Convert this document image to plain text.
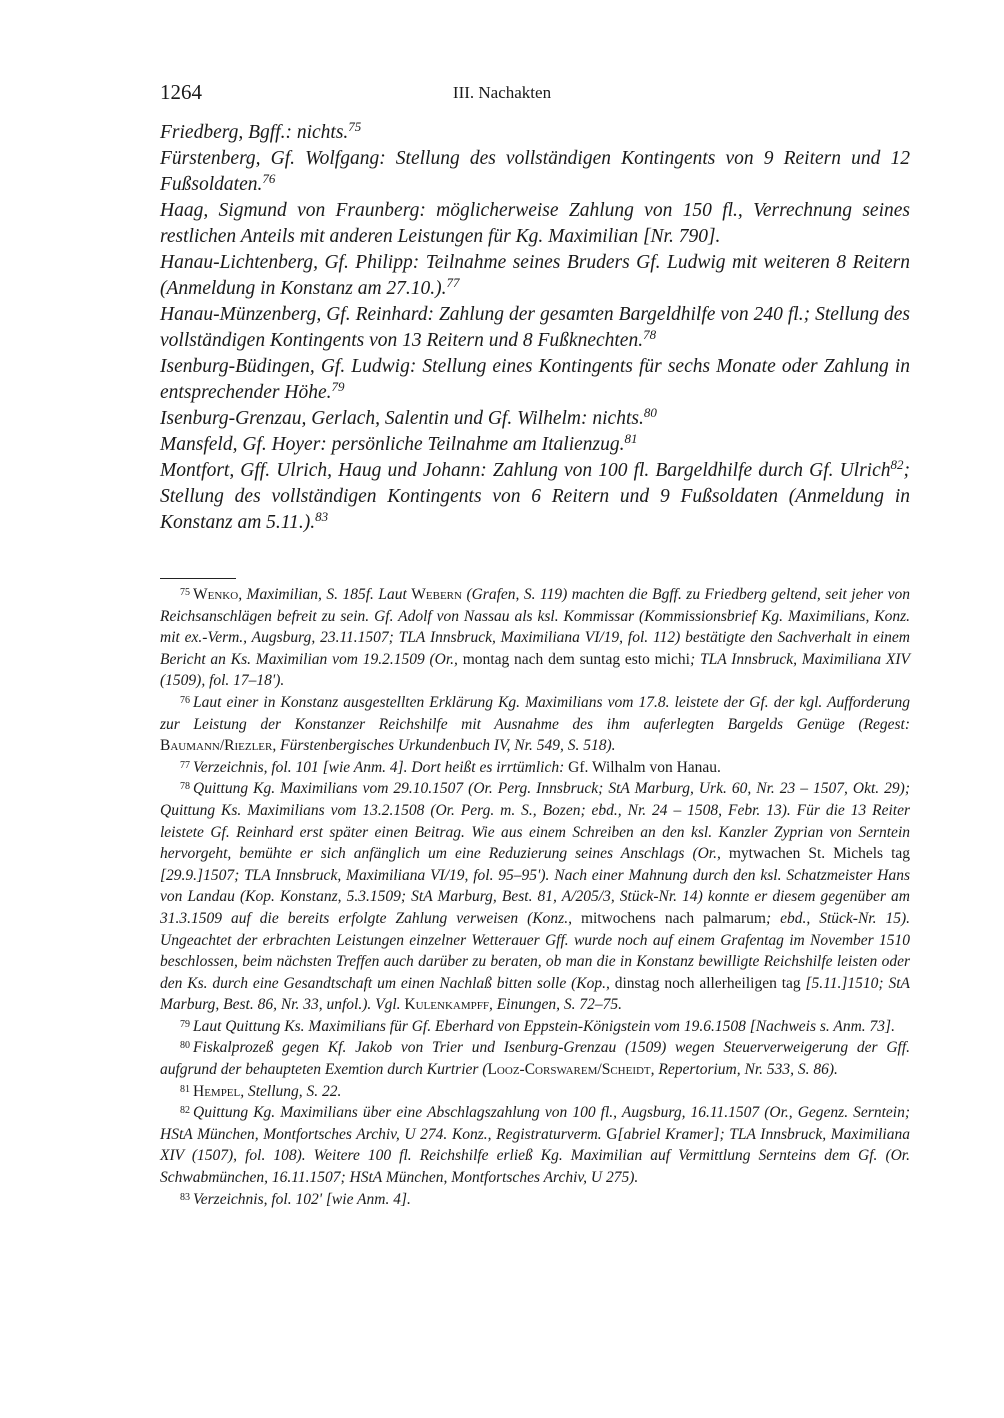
1264	III. Nachakten

Friedberg, Bgff.: nichts.$^{75}$

Fürstenberg, Gf. Wolfgang: Stellung des vollständigen Kontingents von 9 Reitern und 12 Fußsoldaten.$^{76}$

Haag, Sigmund von Fraunberg: möglicherweise Zahlung von 150 fl., Verrechnung seines restlichen Anteils mit anderen Leistungen für Kg. Maximilian [Nr. 790].

Hanau-Lichtenberg, Gf. Philipp: Teilnahme seines Bruders Gf. Ludwig mit weiteren 8 Reitern (Anmeldung in Konstanz am 27.10.).$^{77}$

Hanau-Münzenberg, Gf. Reinhard: Zahlung der gesamten Bargeldhilfe von 240 fl.; Stellung des vollständigen Kontingents von 13 Reitern und 8 Fußknechten.$^{78}$

Isenburg-Büdingen, Gf. Ludwig: Stellung eines Kontingents für sechs Monate oder Zahlung in entsprechender Höhe.$^{79}$

Isenburg-Grenzau, Gerlach, Salentin und Gf. Wilhelm: nichts.$^{80}$

Mansfeld, Gf. Hoyer: persönliche Teilnahme am Italienzug.$^{81}$

Montfort, Gff. Ulrich, Haug und Johann: Zahlung von 100 fl. Bargeldhilfe durch Gf. Ulrich$^{82}$; Stellung des vollständigen Kontingents von 6 Reitern und 9 Fußsoldaten (Anmeldung in Konstanz am 5.11.).$^{83}$

$^{75}$ Wenko, Maximilian, S. 185f. Laut Webern (Grafen, S. 119) machten die Bgff. zu Friedberg geltend, seit jeher von Reichsanschlägen befreit zu sein. Gf. Adolf von Nassau als ksl. Kommissar (Kommissionsbrief Kg. Maximilians, Konz. mit ex.-Verm., Augsburg, 23.11.1507; TLA Innsbruck, Maximiliana VI/19, fol. 112) bestätigte den Sachverhalt in einem Bericht an Ks. Maximilian vom 19.2.1509 (Or., montag nach dem suntag esto michi; TLA Innsbruck, Maximiliana XIV (1509), fol. 17–18').

$^{76}$ Laut einer in Konstanz ausgestellten Erklärung Kg. Maximilians vom 17.8. leistete der Gf. der kgl. Aufforderung zur Leistung der Konstanzer Reichshilfe mit Ausnahme des ihm auferlegten Bargelds Genüge (Regest: Baumann/Riezler, Fürstenbergisches Urkundenbuch IV, Nr. 549, S. 518).

$^{77}$ Verzeichnis, fol. 101 [wie Anm. 4]. Dort heißt es irrtümlich: Gf. Wilhalm von Hanau.

$^{78}$ Quittung Kg. Maximilians vom 29.10.1507 (Or. Perg. Innsbruck; StA Marburg, Urk. 60, Nr. 23 – 1507, Okt. 29); Quittung Ks. Maximilians vom 13.2.1508 (Or. Perg. m. S., Bozen; ebd., Nr. 24 – 1508, Febr. 13). Für die 13 Reiter leistete Gf. Reinhard erst später einen Beitrag. Wie aus einem Schreiben an den ksl. Kanzler Zyprian von Serntein hervorgeht, bemühte er sich anfänglich um eine Reduzierung seines Anschlags (Or., mytwachen St. Michels tag [29.9.]1507; TLA Innsbruck, Maximiliana VI/19, fol. 95–95'). Nach einer Mahnung durch den ksl. Schatzmeister Hans von Landau (Kop. Konstanz, 5.3.1509; StA Marburg, Best. 81, A/205/3, Stück-Nr. 14) konnte er diesem gegenüber am 31.3.1509 auf die bereits erfolgte Zahlung verweisen (Konz., mitwochens nach palmarum; ebd., Stück-Nr. 15). Ungeachtet der erbrachten Leistungen einzelner Wetterauer Gff. wurde noch auf einem Grafentag im November 1510 beschlossen, beim nächsten Treffen auch darüber zu beraten, ob man die in Konstanz bewilligte Reichshilfe leisten oder den Ks. durch eine Gesandtschaft um einen Nachlaß bitten solle (Kop., dinstag noch allerheiligen tag [5.11.]1510; StA Marburg, Best. 86, Nr. 33, unfol.). Vgl. Kulenkampff, Einungen, S. 72–75.

$^{79}$ Laut Quittung Ks. Maximilians für Gf. Eberhard von Eppstein-Königstein vom 19.6.1508 [Nachweis s. Anm. 73].

$^{80}$ Fiskalprozeß gegen Kf. Jakob von Trier und Isenburg-Grenzau (1509) wegen Steuerverweigerung der Gff. aufgrund der behaupteten Exemtion durch Kurtrier (Looz-Corswarem/Scheidt, Repertorium, Nr. 533, S. 86).

$^{81}$ Hempel, Stellung, S. 22.

$^{82}$ Quittung Kg. Maximilians über eine Abschlagszahlung von 100 fl., Augsburg, 16.11.1507 (Or., Gegenz. Serntein; HStA München, Montfortsches Archiv, U 274. Konz., Registraturverm. G[abriel Kramer]; TLA Innsbruck, Maximiliana XIV (1507), fol. 108). Weitere 100 fl. Reichshilfe erließ Kg. Maximilian auf Vermittlung Sernteins dem Gf. (Or. Schwabmünchen, 16.11.1507; HStA München, Montfortsches Archiv, U 275).

$^{83}$ Verzeichnis, fol. 102' [wie Anm. 4].
